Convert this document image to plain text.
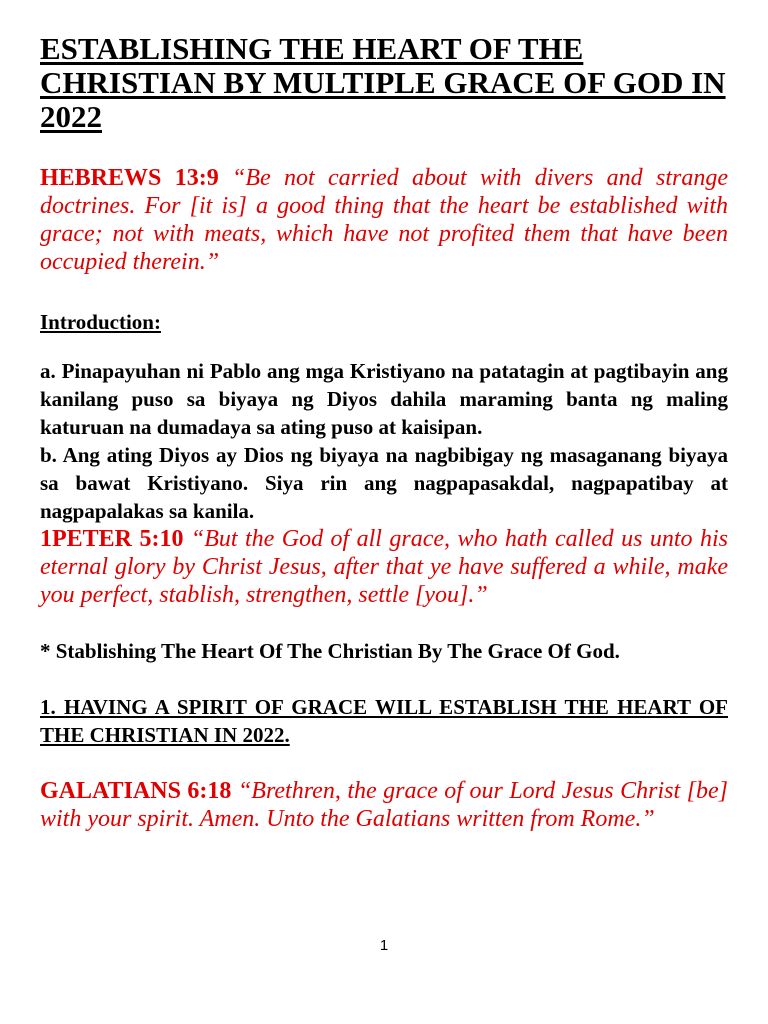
ESTABLISHING THE HEART OF THE CHRISTIAN BY MULTIPLE GRACE OF GOD IN 2022
HEBREWS 13:9 “Be not carried about with divers and strange doctrines. For [it is] a good thing that the heart be established with grace; not with meats, which have not profited them that have been occupied therein.”
Introduction:
a. Pinapayuhan ni Pablo ang mga Kristiyano na patatagin at pagtibayin ang kanilang puso sa biyaya ng Diyos dahila maraming banta ng maling katuruan na dumadaya sa ating puso at kaisipan.
b. Ang ating Diyos ay Dios ng biyaya na nagbibigay ng masaganang biyaya sa bawat Kristiyano. Siya rin ang nagpapasakdal, nagpapatibay at nagpapalakas sa kanila.
1PETER 5:10 “But the God of all grace, who hath called us unto his eternal glory by Christ Jesus, after that ye have suffered a while, make you perfect, stablish, strengthen, settle [you].”
* Stablishing The Heart Of The Christian By The Grace Of God.
1. HAVING A SPIRIT OF GRACE WILL ESTABLISH THE HEART OF THE CHRISTIAN IN 2022.
GALATIANS 6:18 “Brethren, the grace of our Lord Jesus Christ [be] with your spirit. Amen. Unto the Galatians written from Rome.”
1
